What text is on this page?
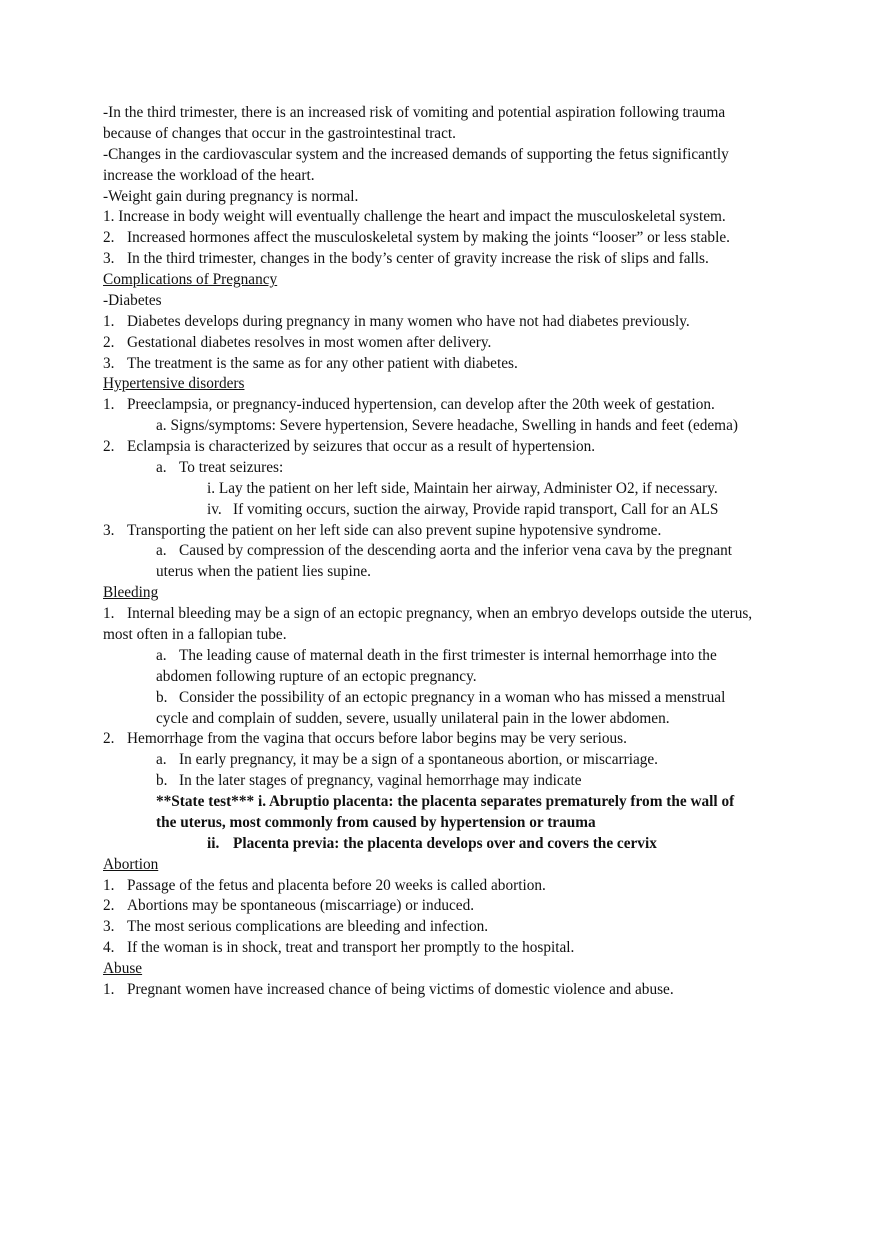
-In the third trimester, there is an increased risk of vomiting and potential aspiration following trauma
because of changes that occur in the gastrointestinal tract.
-Changes in the cardiovascular system and the increased demands of supporting the fetus significantly
increase the workload of the heart.
-Weight gain during pregnancy is normal.
1. Increase in body weight will eventually challenge the heart and impact the musculoskeletal system.
2. Increased hormones affect the musculoskeletal system by making the joints “looser” or less stable.
3. In the third trimester, changes in the body’s center of gravity increase the risk of slips and falls.
Complications of Pregnancy
-Diabetes
1. Diabetes develops during pregnancy in many women who have not had diabetes previously.
2. Gestational diabetes resolves in most women after delivery.
3. The treatment is the same as for any other patient with diabetes.
Hypertensive disorders
1. Preeclampsia, or pregnancy-induced hypertension, can develop after the 20th week of gestation.
a. Signs/symptoms: Severe hypertension, Severe headache, Swelling in hands and feet (edema)
2. Eclampsia is characterized by seizures that occur as a result of hypertension.
a. To treat seizures:
i. Lay the patient on her left side, Maintain her airway, Administer O2, if necessary.
iv. If vomiting occurs, suction the airway, Provide rapid transport, Call for an ALS
3. Transporting the patient on her left side can also prevent supine hypotensive syndrome.
a. Caused by compression of the descending aorta and the inferior vena cava by the pregnant
uterus when the patient lies supine.
Bleeding
1. Internal bleeding may be a sign of an ectopic pregnancy, when an embryo develops outside the uterus,
most often in a fallopian tube.
a. The leading cause of maternal death in the first trimester is internal hemorrhage into the
abdomen following rupture of an ectopic pregnancy.
b. Consider the possibility of an ectopic pregnancy in a woman who has missed a menstrual
cycle and complain of sudden, severe, usually unilateral pain in the lower abdomen.
2. Hemorrhage from the vagina that occurs before labor begins may be very serious.
a. In early pregnancy, it may be a sign of a spontaneous abortion, or miscarriage.
b. In the later stages of pregnancy, vaginal hemorrhage may indicate
**State test*** i. Abruptio placenta: the placenta separates prematurely from the wall of
the uterus, most commonly from caused by hypertension or trauma
ii. Placenta previa: the placenta develops over and covers the cervix
Abortion
1. Passage of the fetus and placenta before 20 weeks is called abortion.
2. Abortions may be spontaneous (miscarriage) or induced.
3. The most serious complications are bleeding and infection.
4. If the woman is in shock, treat and transport her promptly to the hospital.
Abuse
1. Pregnant women have increased chance of being victims of domestic violence and abuse.
